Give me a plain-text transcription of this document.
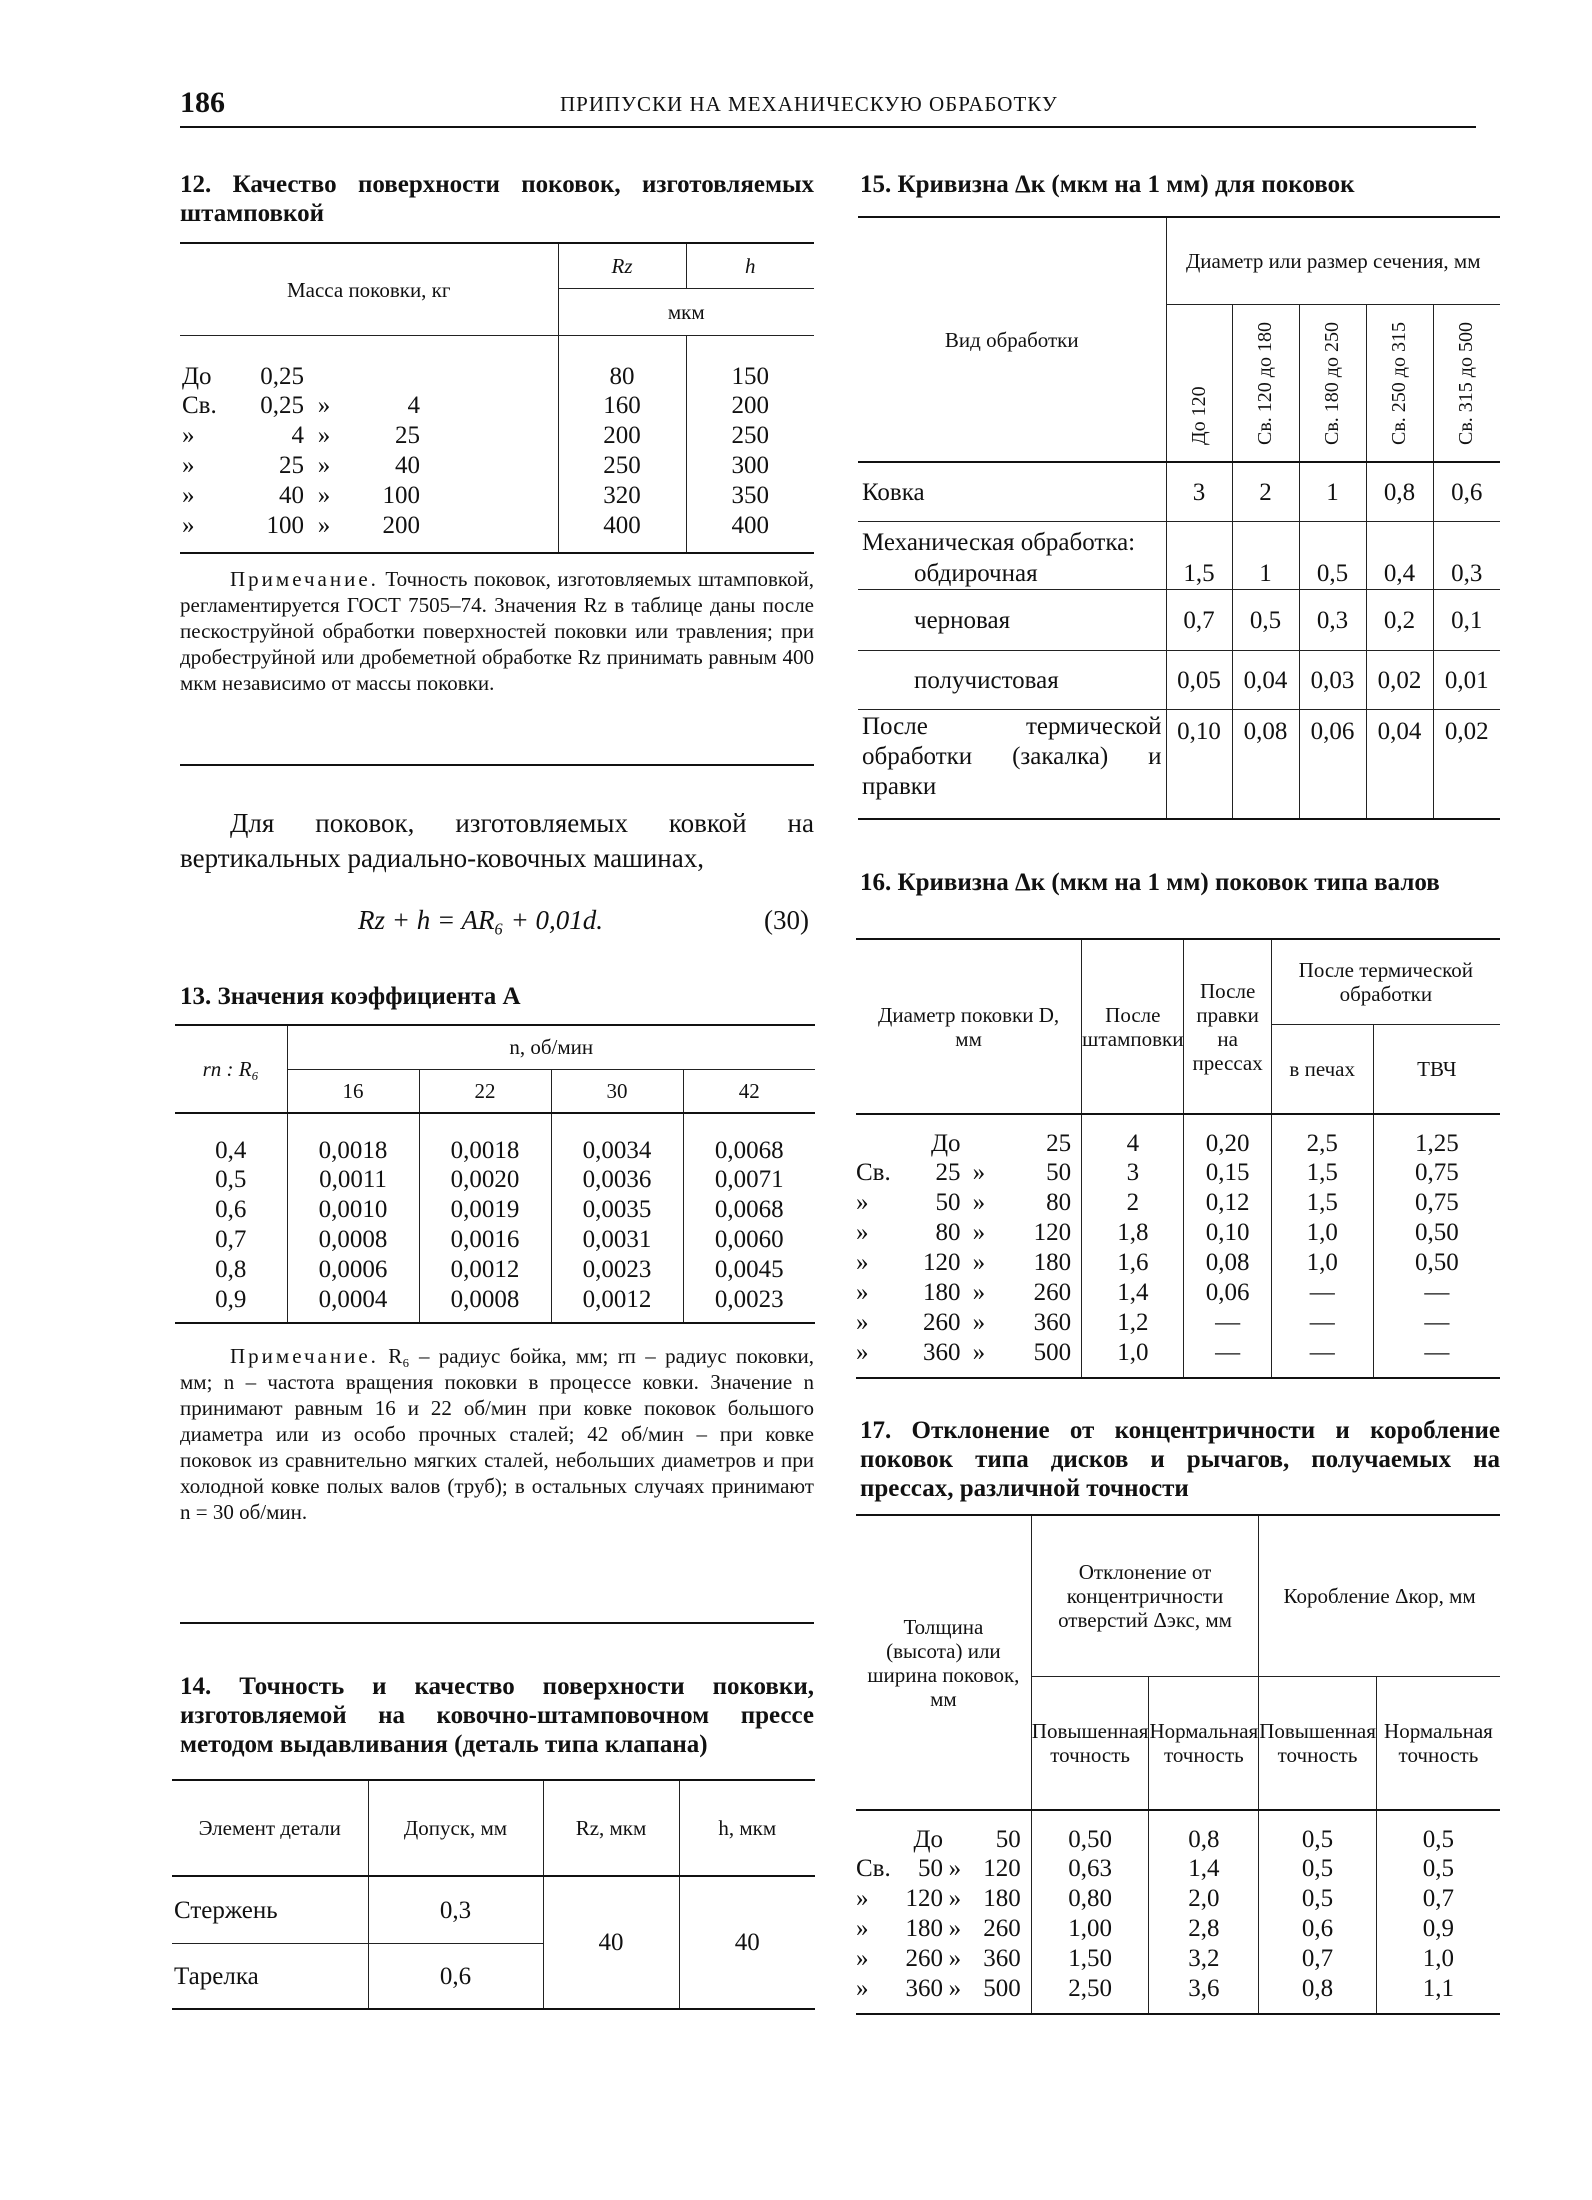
186	ПРИПУСКИ НА МЕХАНИЧЕСКУЮ ОБРАБОТКУ
12. Качество поверхности поковок, изготовляемых штамповкой
Масса поковки, кг	Rz	h
	мкм	
До 0,25	80	150
Св. 0,25 » 4	160	200
» 4 » 25	200	250
» 25 » 40	250	300
» 40 » 100	320	350
» 100 » 200	400	400
Примечание. Точность поковок, изготовляемых штамповкой, регламентируется ГОСТ 7505–74. Значения Rz в таблице даны после пескоструйной обработки поверхностей поковки или травления; при дробеструйной или дробеметной обработке Rz принимать равным 400 мкм независимо от массы поковки.
Для поковок, изготовляемых ковкой на вертикальных радиально-ковочных машинах,
Rz + h = AR₆ + 0,01d.	(30)
13. Значения коэффициента A
rп : R₆	n, об/мин			
	16	22	30	42
0,4	0,0018	0,0018	0,0034	0,0068
0,5	0,0011	0,0020	0,0036	0,0071
0,6	0,0010	0,0019	0,0035	0,0068
0,7	0,0008	0,0016	0,0031	0,0060
0,8	0,0006	0,0012	0,0023	0,0045
0,9	0,0004	0,0008	0,0012	0,0023
Примечание. R₆ – радиус бойка, мм; rп – радиус поковки, мм; n – частота вращения поковки в процессе ковки. Значение n принимают равным 16 и 22 об/мин при ковке поковок большого диаметра или из особо прочных сталей; 42 об/мин – при ковке поковок из сравнительно мягких сталей, небольших диаметров и при холодной ковке полых валов (труб); в остальных случаях принимают n = 30 об/мин.
14. Точность и качество поверхности поковки, изготовляемой на ковочно-штамповочном прессе методом выдавливания (деталь типа клапана)
Элемент детали	Допуск, мм	Rz, мкм	h, мкм
Стержень	0,3	40	40
Тарелка	0,6		
15. Кривизна Δк (мкм на 1 мм) для поковок
Вид обработки	Диаметр или размер сечения, мм				
	До 120	Св. 120 до 180	Св. 180 до 250	Св. 250 до 315	Св. 315 до 500
Ковка	3	2	1	0,8	0,6
Механическая обработка:					
обдирочная	1,5	1	0,5	0,4	0,3
черновая	0,7	0,5	0,3	0,2	0,1
получистовая	0,05	0,04	0,03	0,02	0,01
После термической обработки (закалка) и правки	0,10	0,08	0,06	0,04	0,02
16. Кривизна Δк (мкм на 1 мм) поковок типа валов
Диаметр поковки D, мм				После штамповки	После правки на прессах	После термической обработки	
						в печах	ТВЧ
	До		25	4	0,20	2,5	1,25
Св.	25	»	50	3	0,15	1,5	0,75
»	50	»	80	2	0,12	1,5	0,75
»	80	»	120	1,8	0,10	1,0	0,50
»	120	»	180	1,6	0,08	1,0	0,50
»	180	»	260	1,4	0,06	—	—
»	260	»	360	1,2	—	—	—
»	360	»	500	1,0	—	—	—
17. Отклонение от концентричности и коробление поковок типа дисков и рычагов, получаемых на прессах, различной точности
Толщина (высота) или ширина поковок, мм				Отклонение от концентричности отверстий Δэкс, мм		Коробление Δкор, мм	
				Повышенная точность	Нормальная точность	Повышенная точность	Нормальная точность
	До		50	0,50	0,8	0,5	0,5
Св.	50	»	120	0,63	1,4	0,5	0,5
»	120	»	180	0,80	2,0	0,5	0,7
»	180	»	260	1,00	2,8	0,6	0,9
»	260	»	360	1,50	3,2	0,7	1,0
»	360	»	500	2,50	3,6	0,8	1,1
